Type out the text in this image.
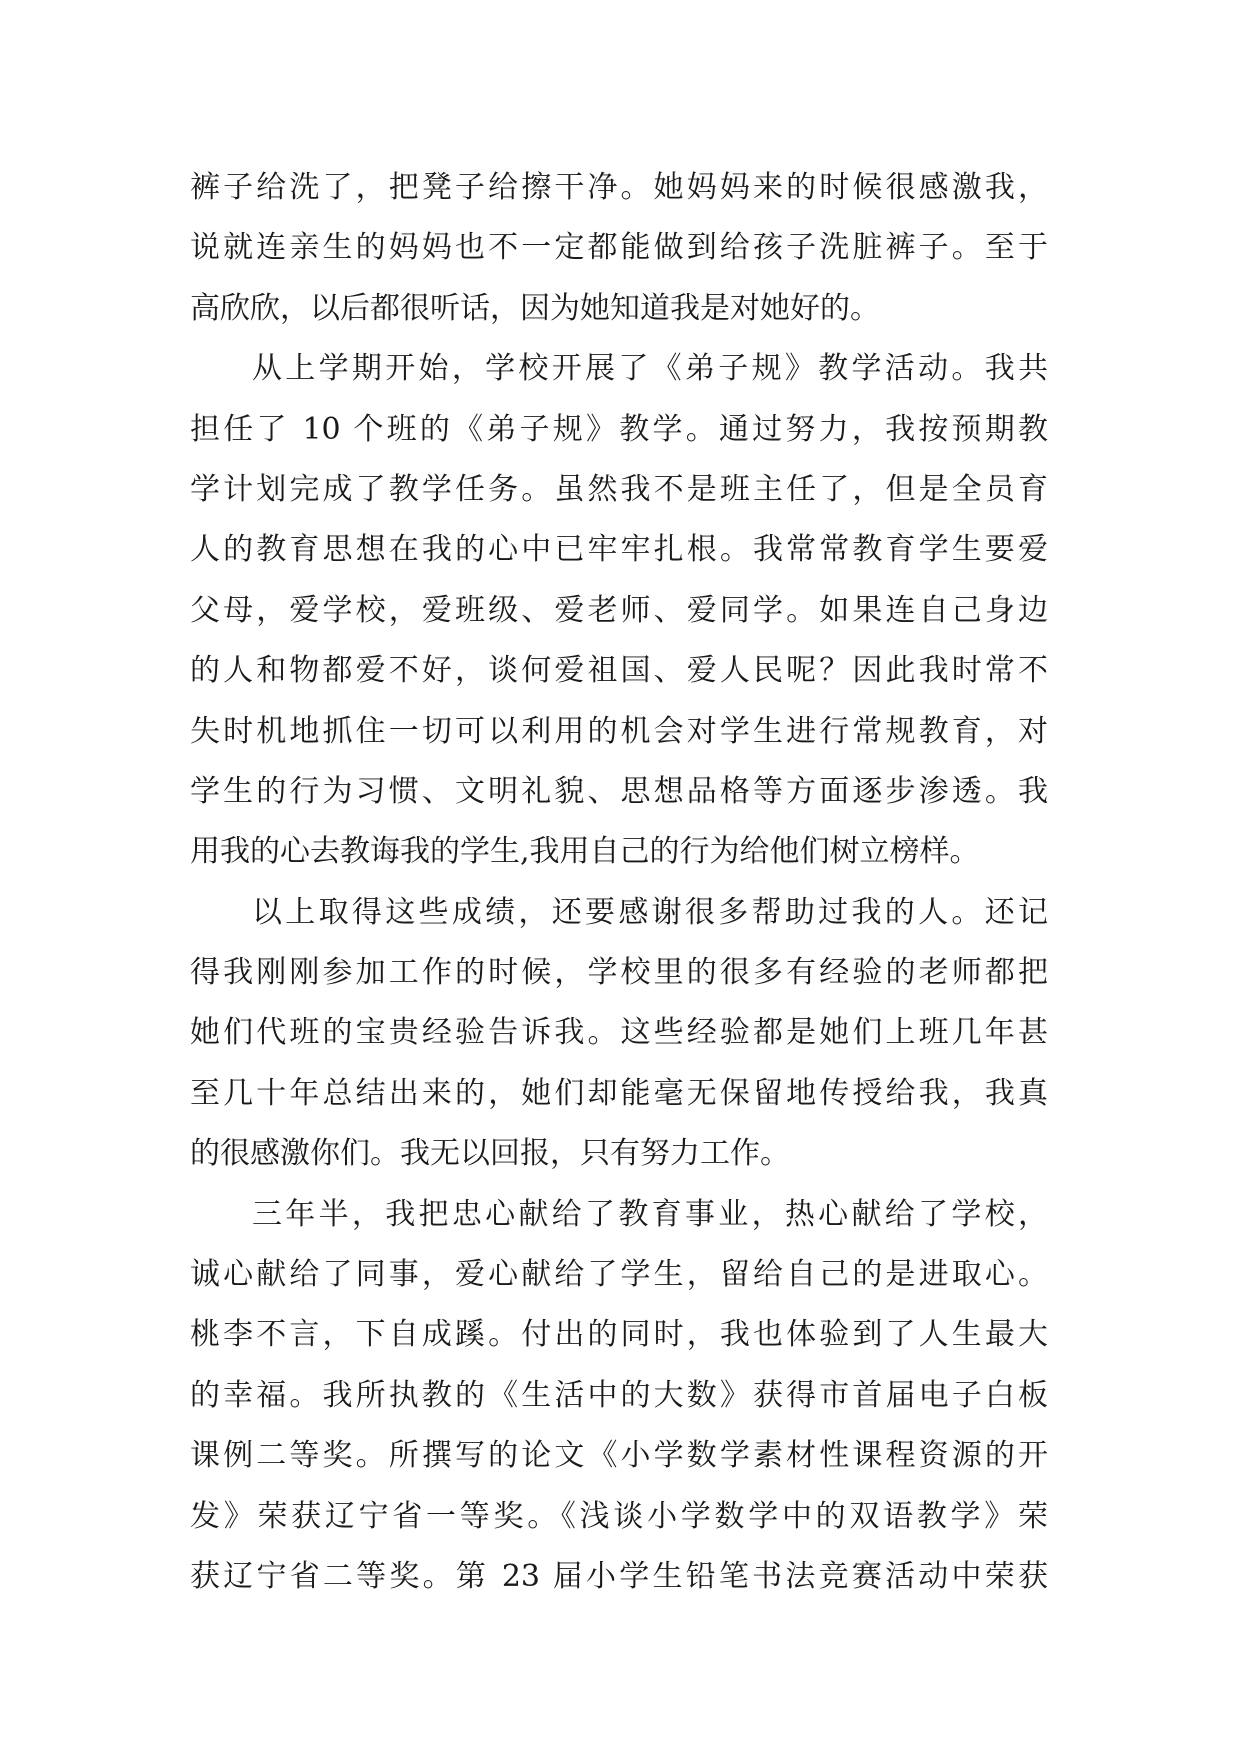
裤子给洗了，把凳子给擦干净。她妈妈来的时候很感激我，
说就连亲生的妈妈也不一定都能做到给孩子洗脏裤子。至于
高欣欣，以后都很听话，因为她知道我是对她好的。
从上学期开始，学校开展了《弟子规》教学活动。我共
担任了 10 个班的《弟子规》教学。通过努力，我按预期教
学计划完成了教学任务。虽然我不是班主任了，但是全员育
人的教育思想在我的心中已牢牢扎根。我常常教育学生要爱
父母，爱学校，爱班级、爱老师、爱同学。如果连自己身边
的人和物都爱不好，谈何爱祖国、爱人民呢？因此我时常不
失时机地抓住一切可以利用的机会对学生进行常规教育，对
学生的行为习惯、文明礼貌、思想品格等方面逐步渗透。我
用我的心去教诲我的学生,我用自己的行为给他们树立榜样。
以上取得这些成绩，还要感谢很多帮助过我的人。还记
得我刚刚参加工作的时候，学校里的很多有经验的老师都把
她们代班的宝贵经验告诉我。这些经验都是她们上班几年甚
至几十年总结出来的，她们却能毫无保留地传授给我，我真
的很感激你们。我无以回报，只有努力工作。
三年半，我把忠心献给了教育事业，热心献给了学校，
诚心献给了同事，爱心献给了学生，留给自己的是进取心。
桃李不言，下自成蹊。付出的同时，我也体验到了人生最大
的幸福。我所执教的《生活中的大数》获得市首届电子白板
课例二等奖。所撰写的论文《小学数学素材性课程资源的开
发》荣获辽宁省一等奖。《浅谈小学数学中的双语教学》荣
获辽宁省二等奖。第 23 届小学生铅笔书法竞赛活动中荣获
